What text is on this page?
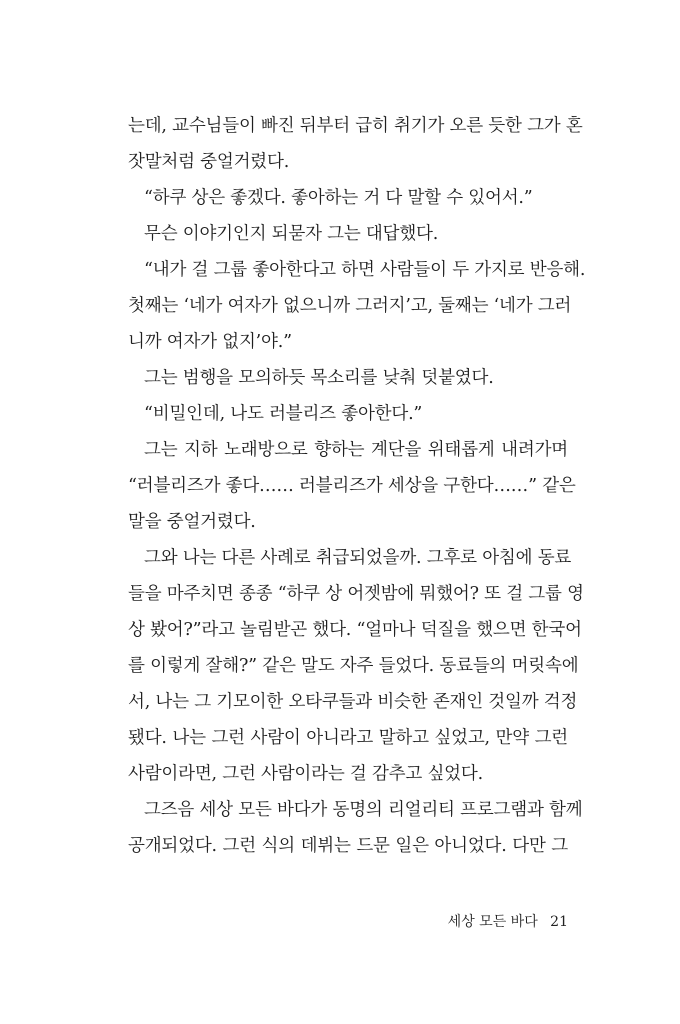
는데, 교수님들이 빠진 뒤부터 급히 취기가 오른 듯한 그가 혼
잣말처럼 중얼거렸다.
“하쿠 상은 좋겠다. 좋아하는 거 다 말할 수 있어서.”
무슨 이야기인지 되묻자 그는 대답했다.
“내가 걸 그룹 좋아한다고 하면 사람들이 두 가지로 반응해.
첫째는 ‘네가 여자가 없으니까 그러지’고, 둘째는 ‘네가 그러
니까 여자가 없지’야.”
그는 범행을 모의하듯 목소리를 낮춰 덧붙였다.
“비밀인데, 나도 러블리즈 좋아한다.”
그는 지하 노래방으로 향하는 계단을 위태롭게 내려가며
“러블리즈가 좋다…… 러블리즈가 세상을 구한다……” 같은
말을 중얼거렸다.
그와 나는 다른 사례로 취급되었을까. 그후로 아침에 동료
들을 마주치면 종종 “하쿠 상 어젯밤에 뭐했어? 또 걸 그룹 영
상 봤어?”라고 놀림받곤 했다. “얼마나 덕질을 했으면 한국어
를 이렇게 잘해?” 같은 말도 자주 들었다. 동료들의 머릿속에
서, 나는 그 기모이한 오타쿠들과 비슷한 존재인 것일까 걱정
됐다. 나는 그런 사람이 아니라고 말하고 싶었고, 만약 그런
사람이라면, 그런 사람이라는 걸 감추고 싶었다.
그즈음 세상 모든 바다가 동명의 리얼리티 프로그램과 함께
공개되었다. 그런 식의 데뷔는 드문 일은 아니었다. 다만 그
세상 모든 바다 21
